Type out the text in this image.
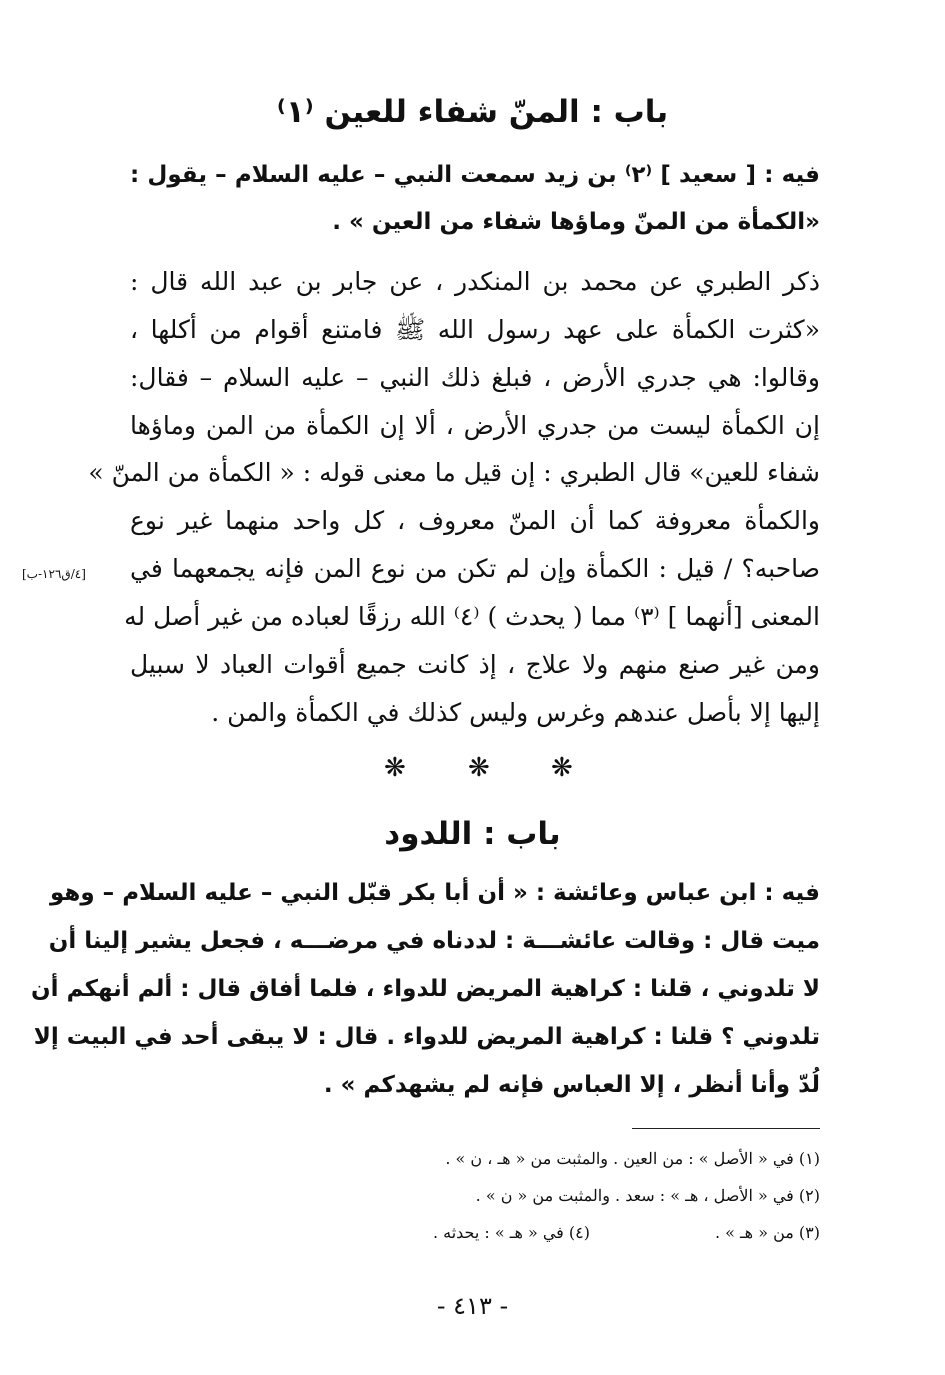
باب : المنّ شفاء للعين ⁽١⁾
فيه : [ سعيد ] ⁽٢⁾ بن زيد سمعت النبي – عليه السلام – يقول :
«الكمأة من المنّ وماؤها شفاء من العين » .
ذكر الطبري عن محمد بن المنكدر ، عن جابر بن عبد الله قال :
«كثرت الكمأة على عهد رسول الله ﷺ فامتنع أقوام من أكلها ،
وقالوا: هي جدري الأرض ، فبلغ ذلك النبي – عليه السلام – فقال:
إن الكمأة ليست من جدري الأرض ، ألا إن الكمأة من المن وماؤها
شفاء للعين» قال الطبري : إن قيل ما معنى قوله : « الكمأة من المنّ »
والكمأة معروفة كما أن المنّ معروف ، كل واحد منهما غير نوع
صاحبه؟ / قيل : الكمأة وإن لم تكن من نوع المن فإنه يجمعهما في
المعنى [أنهما ] ⁽٣⁾ مما ( يحدث ) ⁽٤⁾ الله رزقًا لعباده من غير أصل له
ومن غير صنع منهم ولا علاج ، إذ كانت جميع أقوات العباد لا سبيل
إليها إلا بأصل عندهم وغرس وليس كذلك في الكمأة والمن .
[٤/ق١٢٦-ب]
❋ ❋ ❋
باب : اللدود
فيه : ابن عباس وعائشة : « أن أبا بكر قبّل النبي – عليه السلام – وهو
ميت قال : وقالت عائشـــة : لددناه في مرضـــه ، فجعل يشير إلينا أن
لا تلدوني ، قلنا : كراهية المريض للدواء ، فلما أفاق قال : ألم أنهكم أن
تلدوني ؟ قلنا : كراهية المريض للدواء . قال : لا يبقى أحد في البيت إلا
لُدّ وأنا أنظر ، إلا العباس فإنه لم يشهدكم » .
(١) في « الأصل » : من العين . والمثبت من « هـ ، ن » .
(٢) في « الأصل ، هـ » : سعد . والمثبت من « ن » .
(٣) من « هـ » .
(٤) في « هـ » : يحدثه .
- ٤١٣ -
